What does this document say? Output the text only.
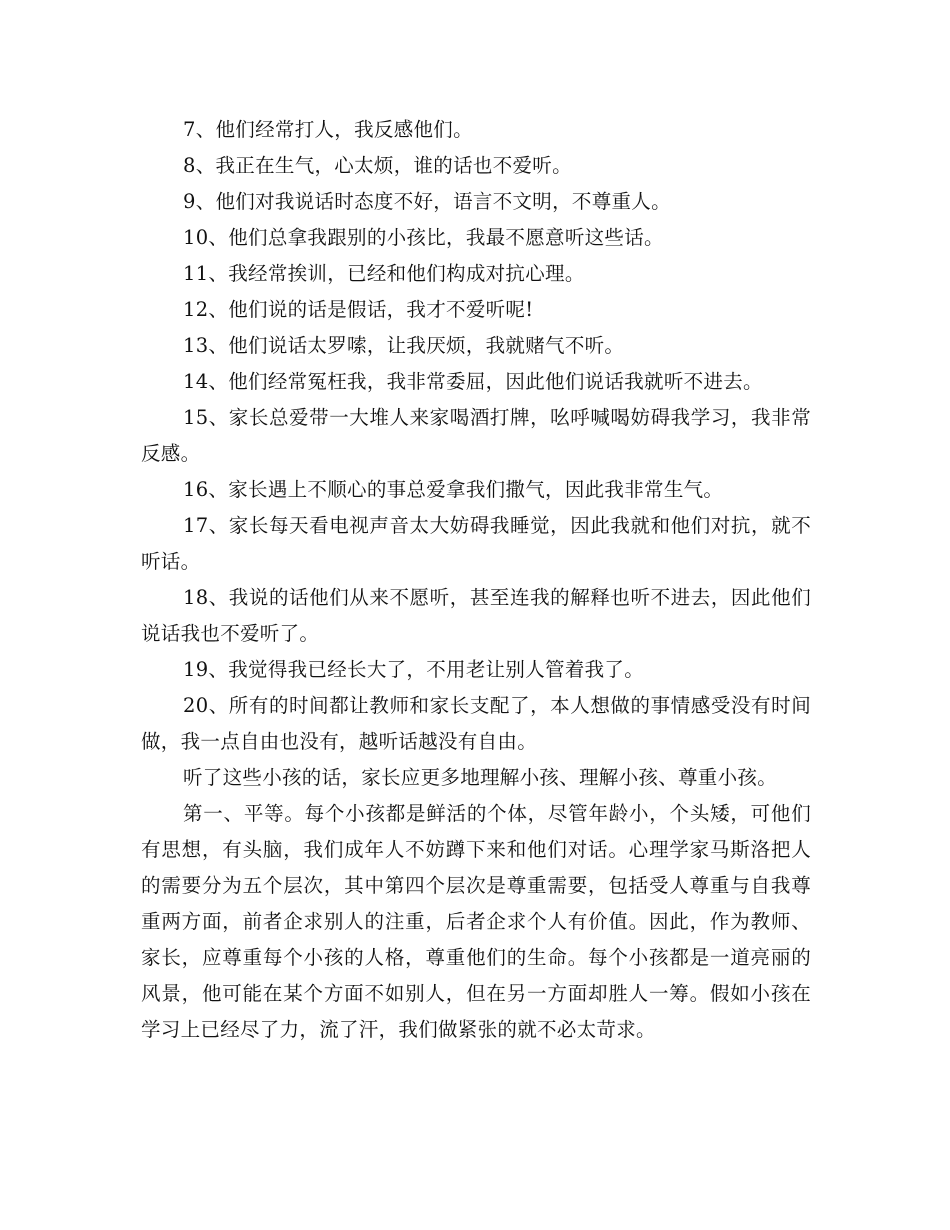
7、他们经常打人，我反感他们。

8、我正在生气，心太烦，谁的话也不爱听。

9、他们对我说话时态度不好，语言不文明，不尊重人。

10、他们总拿我跟别的小孩比，我最不愿意听这些话。

11、我经常挨训，已经和他们构成对抗心理。

12、他们说的话是假话，我才不爱听呢!

13、他们说话太罗嗦，让我厌烦，我就赌气不听。

14、他们经常冤枉我，我非常委屈，因此他们说话我就听不进去。

15、家长总爱带一大堆人来家喝酒打牌，吆呼喊喝妨碍我学习，我非常反感。

16、家长遇上不顺心的事总爱拿我们撒气，因此我非常生气。

17、家长每天看电视声音太大妨碍我睡觉，因此我就和他们对抗，就不听话。

18、我说的话他们从来不愿听，甚至连我的解释也听不进去，因此他们说话我也不爱听了。

19、我觉得我已经长大了，不用老让别人管着我了。

20、所有的时间都让教师和家长支配了，本人想做的事情感受没有时间做，我一点自由也没有，越听话越没有自由。

听了这些小孩的话，家长应更多地理解小孩、理解小孩、尊重小孩。

第一、平等。每个小孩都是鲜活的个体，尽管年龄小，个头矮，可他们有思想，有头脑，我们成年人不妨蹲下来和他们对话。心理学家马斯洛把人的需要分为五个层次，其中第四个层次是尊重需要，包括受人尊重与自我尊重两方面，前者企求别人的注重，后者企求个人有价值。因此，作为教师、家长，应尊重每个小孩的人格，尊重他们的生命。每个小孩都是一道亮丽的风景，他可能在某个方面不如别人，但在另一方面却胜人一筹。假如小孩在学习上已经尽了力，流了汗，我们做紧张的就不必太苛求。
